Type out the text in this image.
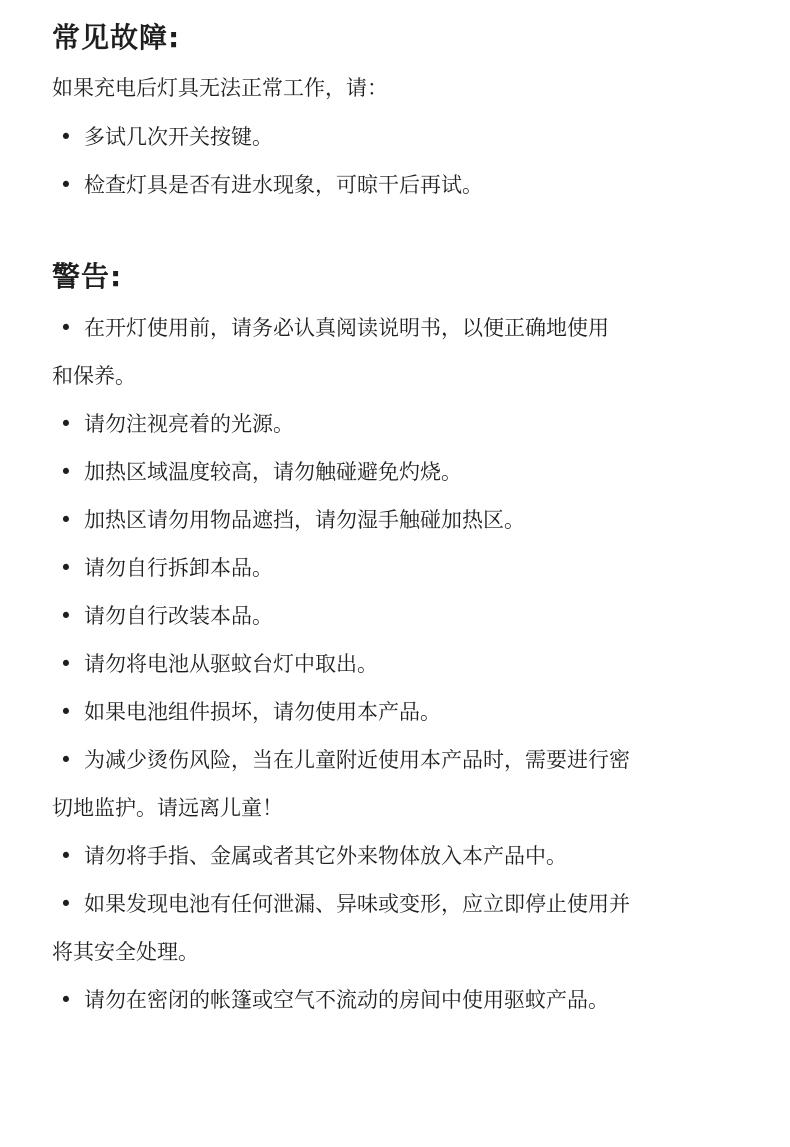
常见故障:

如果充电后灯具无法正常工作，请：

• 多试几次开关按键。
• 检查灯具是否有进水现象，可晾干后再试。
警告:
• 在开灯使用前，请务必认真阅读说明书，以便正确地使用
和保养。
• 请勿注视亮着的光源。
• 加热区域温度较高，请勿触碰避免灼烧。
• 加热区请勿用物品遮挡，请勿湿手触碰加热区。
• 请勿自行拆卸本品。
• 请勿自行改装本品。
• 请勿将电池从驱蚊台灯中取出。
• 如果电池组件损坏，请勿使用本产品。
• 为减少烫伤风险，当在儿童附近使用本产品时，需要进行密
切地监护。请远离儿童！
• 请勿将手指、金属或者其它外来物体放入本产品中。
• 如果发现电池有任何泄漏、异味或变形，应立即停止使用并
将其安全处理。
• 请勿在密闭的帐篷或空气不流动的房间中使用驱蚊产品。
